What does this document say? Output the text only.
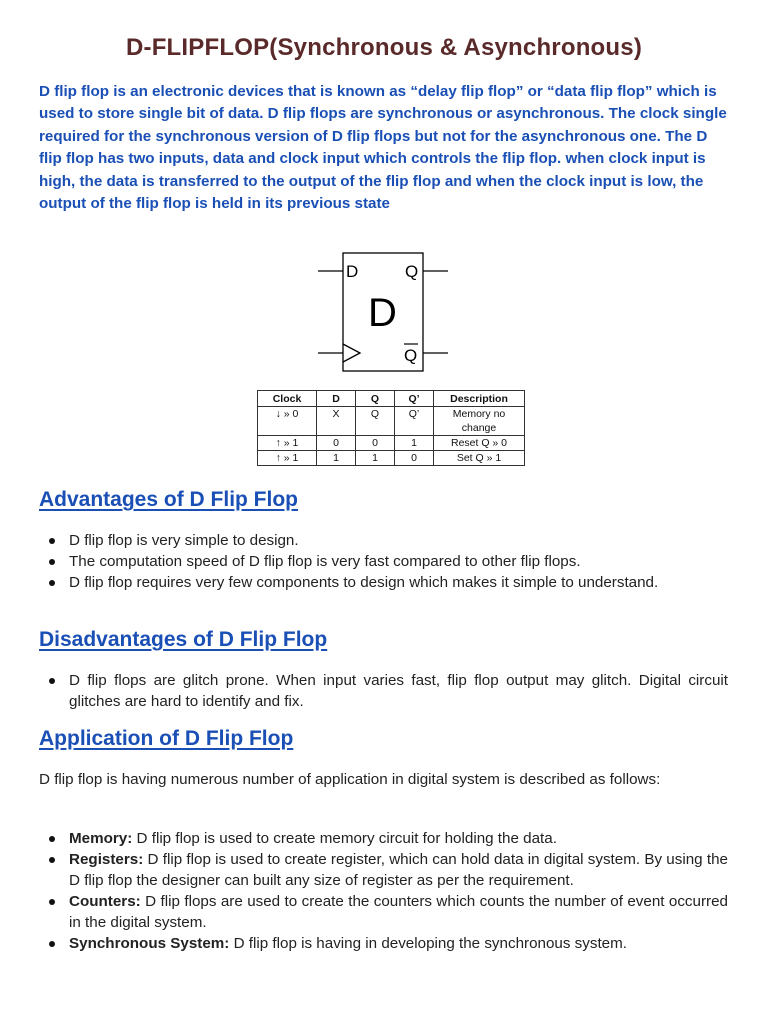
D-FLIPFLOP(Synchronous & Asynchronous)
D flip flop is an electronic devices that is known as “delay flip flop” or “data flip flop” which is used to store single bit of data. D flip flops are synchronous or asynchronous. The clock single required for the synchronous version of D flip flops but not for the asynchronous one. The D flip flop has two inputs, data and clock input which controls the flip flop. when clock input is high, the data is transferred to the output of the flip flop and when the clock input is low, the output of the flip flop is held in its previous state
D	Q
D
Q
Clock	D	Q	Q’	Description
↓ » 0	X	Q	Q’	Memory no change
↑ » 1	0	0	1	Reset Q » 0
↑ » 1	1	1	0	Set Q » 1
Advantages of D Flip Flop
D flip flop is very simple to design.
The computation speed of D flip flop is very fast compared to other flip flops.
D flip flop requires very few components to design which makes it simple to understand.
Disadvantages of D Flip Flop
D flip flops are glitch prone. When input varies fast, flip flop output may glitch. Digital circuit glitches are hard to identify and fix.
Application of D Flip Flop
D flip flop is having numerous number of application in digital system is described as follows:
Memory: D flip flop is used to create memory circuit for holding the data.
Registers: D flip flop is used to create register, which can hold data in digital system. By using the D flip flop the designer can built any size of register as per the requirement.
Counters: D flip flops are used to create the counters which counts the number of event occurred in the digital system.
Synchronous System: D flip flop is having in developing the synchronous system.
